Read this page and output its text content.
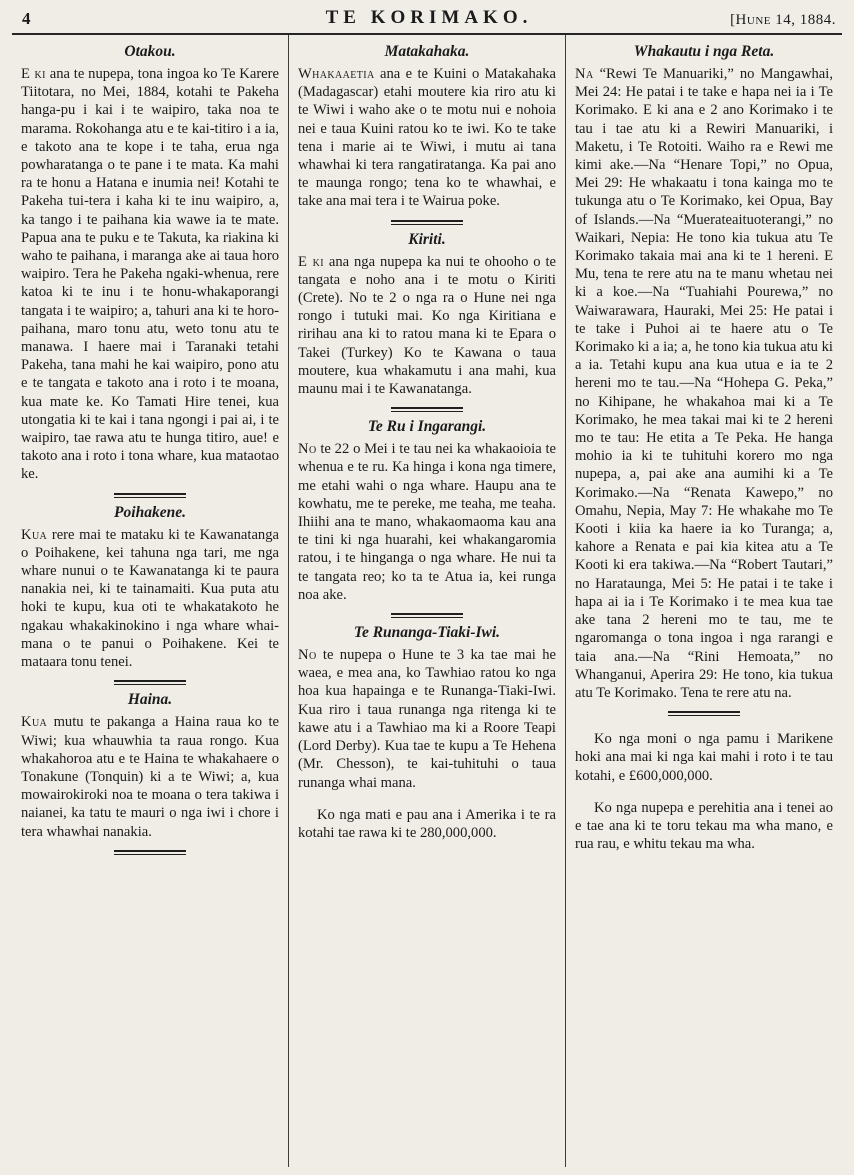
4	TE KORIMAKO.	[Hune 14, 1884.
Otakou.

E ki ana te nupepa, tona ingoa ko Te Karere Tiitotara, no Mei, 1884, kotahi te Pakeha hanga-pu i kai i te waipiro, taka noa te marama. Rokohanga atu e te kai-titiro i a ia, e takoto ana te kope i te taha, erua nga powharatanga o te pane i te mata. Ka mahi ra te honu a Hatana e inumia nei! Kotahi te Pakeha tui-tera i kaha ki te inu waipiro, a, ka tango i te paihana kia wawe ia te mate. Papua ana te puku e te Takuta, ka riakina ki waho te paihana, i maranga ake ai taua horo waipiro. Tera he Pakeha ngaki-whenua, rere katoa ki te inu i te honu-whakaporangi tangata i te waipiro; a, tahuri ana ki te horo-paihana, maro tonu atu, weto tonu atu te manawa. I haere mai i Taranaki tetahi Pakeha, tana mahi he kai waipiro, pono atu e te tangata e takoto ana i roto i te moana, kua mate ke. Ko Tamati Hire tenei, kua utongatia ki te kai i tana ngongi i pai ai, i te waipiro, tae rawa atu te hunga titiro, aue! e takoto ana i roto i tona whare, kua mataotao ke.

Poihakene.

Kua rere mai te mataku ki te Kawanatanga o Poihakene, kei tahuna nga tari, me nga whare nunui o te Kawanatanga ki te paura nanakia nei, ki te tainamaiti. Kua puta atu hoki te kupu, kua oti te whakatakoto he ngakau whakakinokino i nga whare whai-mana o te panui o Poihakene. Kei te mataara tonu tenei.

Haina.

Kua mutu te pakanga a Haina raua ko te Wiwi; kua whauwhia ta raua rongo. Kua whakahoroa atu e te Haina te whakahaere o Tonakune (Tonquin) ki a te Wiwi; a, kua mowairokiroki noa te moana o tera takiwa i naianei, ka tatu te mauri o nga iwi i chore i tera whawhai nanakia.

Matakahaka.

Whakaaetia ana e te Kuini o Matakahaka (Madagascar) etahi moutere kia riro atu ki te Wiwi i waho ake o te motu nui e nohoia nei e taua Kuini ratou ko te iwi. Ko te take tena i marie ai te Wiwi, i mutu ai tana whawhai ki tera rangatiratanga. Ka pai ano te maunga rongo; tena ko te whawhai, e take ana mai tera i te Wairua poke.

Kiriti.

E ki ana nga nupepa ka nui te ohooho o te tangata e noho ana i te motu o Kiriti (Crete). No te 2 o nga ra o Hune nei nga rongo i tutuki mai. Ko nga Kiritiana e ririhau ana ki to ratou mana ki te Epara o Takei (Turkey) Ko te Kawana o taua moutere, kua whakamutu i ana mahi, kua maunu mai i te Kawanatanga.

Te Ru i Ingarangi.

No te 22 o Mei i te tau nei ka whakaoioia te whenua e te ru. Ka hinga i kona nga timere, me etahi wahi o nga whare. Haupu ana te kowhatu, me te pereke, me teaha, me teaha. Ihiihi ana te mano, whakaomaoma kau ana te tini ki nga huarahi, kei whakangaromia ratou, i te hinganga o nga whare. He nui ta te tangata reo; ko ta te Atua ia, kei runga noa ake.

Te Runanga-Tiaki-Iwi.

No te nupepa o Hune te 3 ka tae mai he waea, e mea ana, ko Tawhiao ratou ko nga hoa kua hapainga e te Runanga-Tiaki-Iwi. Kua riro i taua runanga nga ritenga ki te kawe atu i a Tawhiao ma ki a Roore Teapi (Lord Derby). Kua tae te kupu a Te Hehena (Mr. Chesson), te kai-tuhituhi o taua runanga whai mana.

Ko nga mati e pau ana i Amerika i te ra kotahi tae rawa ki te 280,000,000.

Whakautu i nga Reta.

Na “Rewi Te Manuariki,” no Mangawhai, Mei 24: He patai i te take e hapa nei ia i Te Korimako. E ki ana e 2 ano Korimako i te tau i tae atu ki a Rewiri Manuariki, i Maketu, i Te Rotoiti. Waiho ra e Rewi me kimi ake.—Na “Henare Topi,” no Opua, Mei 29: He whakaatu i tona kainga mo te tukunga atu o Te Korimako, kei Opua, Bay of Islands.—Na “Muerateaituoterangi,” no Waikari, Nepia: He tono kia tukua atu Te Korimako takaia mai ana ki te 1 hereni. E Mu, tena te rere atu na te manu whetau nei ki a koe.—Na “Tuahiahi Pourewa,” no Waiwarawara, Hauraki, Mei 25: He patai i te take i Puhoi ai te haere atu o Te Korimako ki a ia; a, he tono kia tukua atu ki a ia. Tetahi kupu ana kua utua e ia te 2 hereni mo te tau.—Na “Hohepa G. Peka,” no Kihipane, he whakahoa mai ki a Te Korimako, he mea takai mai ki te 2 hereni mo te tau: He etita a Te Peka. He hanga mohio ia ki te tuhituhi korero mo nga nupepa, a, pai ake ana aumihi ki a Te Korimako.—Na “Renata Kawepo,” no Omahu, Nepia, May 7: He whakahe mo Te Kooti i kiia ka haere ia ko Turanga; a, kahore a Renata e pai kia kitea atu a Te Kooti ki era takiwa.—Na “Robert Tautari,” no Harataunga, Mei 5: He patai i te take i hapa ai ia i Te Korimako i te mea kua tae ake tana 2 hereni mo te tau, me te ngaromanga o tona ingoa i nga rarangi e taia ana.—Na “Rini Hemoata,” no Whanganui, Aperira 29: He tono, kia tukua atu Te Korimako. Tena te rere atu na.

Ko nga moni o nga pamu i Marikene hoki ana mai ki nga kai mahi i roto i te tau kotahi, e £600,000,000.

Ko nga nupepa e perehitia ana i tenei ao e tae ana ki te toru tekau ma wha mano, e rua rau, e whitu tekau ma wha.
